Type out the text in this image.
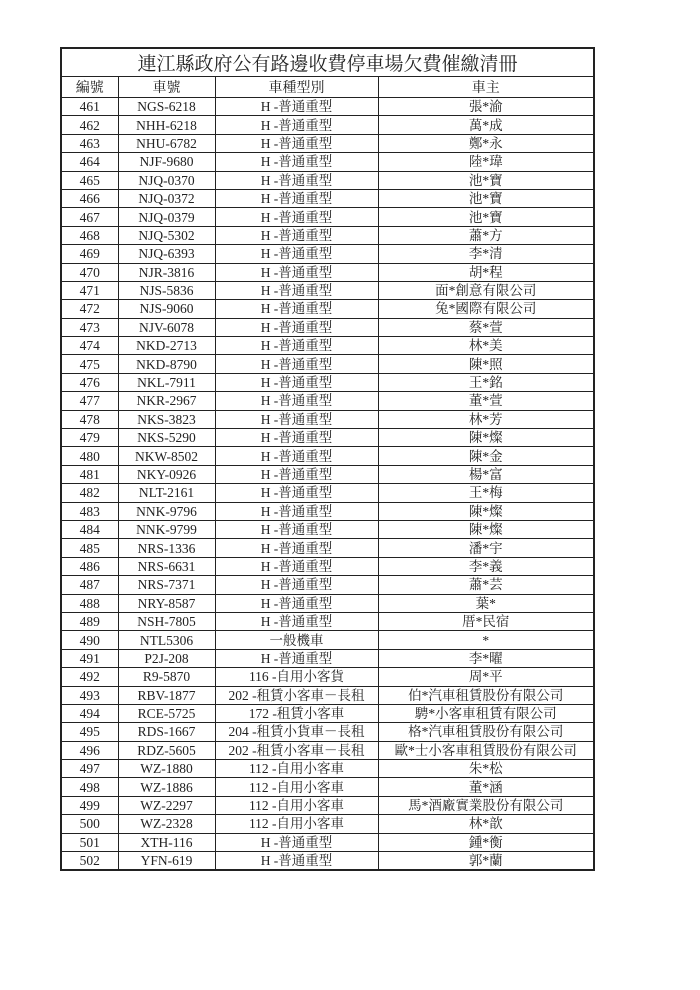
連江縣政府公有路邊收費停車場欠費催繳清冊			
編號	車號	車種型別	車主
461	NGS-6218	H -普通重型	張*渝
462	NHH-6218	H -普通重型	萬*成
463	NHU-6782	H -普通重型	鄭*永
464	NJF-9680	H -普通重型	陸*瑋
465	NJQ-0370	H -普通重型	池*寶
466	NJQ-0372	H -普通重型	池*寶
467	NJQ-0379	H -普通重型	池*寶
468	NJQ-5302	H -普通重型	蕭*方
469	NJQ-6393	H -普通重型	李*清
470	NJR-3816	H -普通重型	胡*程
471	NJS-5836	H -普通重型	面*創意有限公司
472	NJS-9060	H -普通重型	兔*國際有限公司
473	NJV-6078	H -普通重型	蔡*萱
474	NKD-2713	H -普通重型	林*美
475	NKD-8790	H -普通重型	陳*照
476	NKL-7911	H -普通重型	王*銘
477	NKR-2967	H -普通重型	董*萱
478	NKS-3823	H -普通重型	林*芳
479	NKS-5290	H -普通重型	陳*燦
480	NKW-8502	H -普通重型	陳*金
481	NKY-0926	H -普通重型	楊*富
482	NLT-2161	H -普通重型	王*梅
483	NNK-9796	H -普通重型	陳*燦
484	NNK-9799	H -普通重型	陳*燦
485	NRS-1336	H -普通重型	潘*宇
486	NRS-6631	H -普通重型	李*義
487	NRS-7371	H -普通重型	蕭*芸
488	NRY-8587	H -普通重型	葉*
489	NSH-7805	H -普通重型	厝*民宿
490	NTL5306	一般機車	*
491	P2J-208	H -普通重型	李*曜
492	R9-5870	116 -自用小客貨	周*平
493	RBV-1877	202 -租賃小客車－長租	伯*汽車租賃股份有限公司
494	RCE-5725	172 -租賃小客車	騁*小客車租賃有限公司
495	RDS-1667	204 -租賃小貨車－長租	格*汽車租賃股份有限公司
496	RDZ-5605	202 -租賃小客車－長租	歐*士小客車租賃股份有限公司
497	WZ-1880	112 -自用小客車	朱*松
498	WZ-1886	112 -自用小客車	董*涵
499	WZ-2297	112 -自用小客車	馬*酒廠實業股份有限公司
500	WZ-2328	112 -自用小客車	林*歆
501	XTH-116	H -普通重型	鍾*衡
502	YFN-619	H -普通重型	郭*蘭
